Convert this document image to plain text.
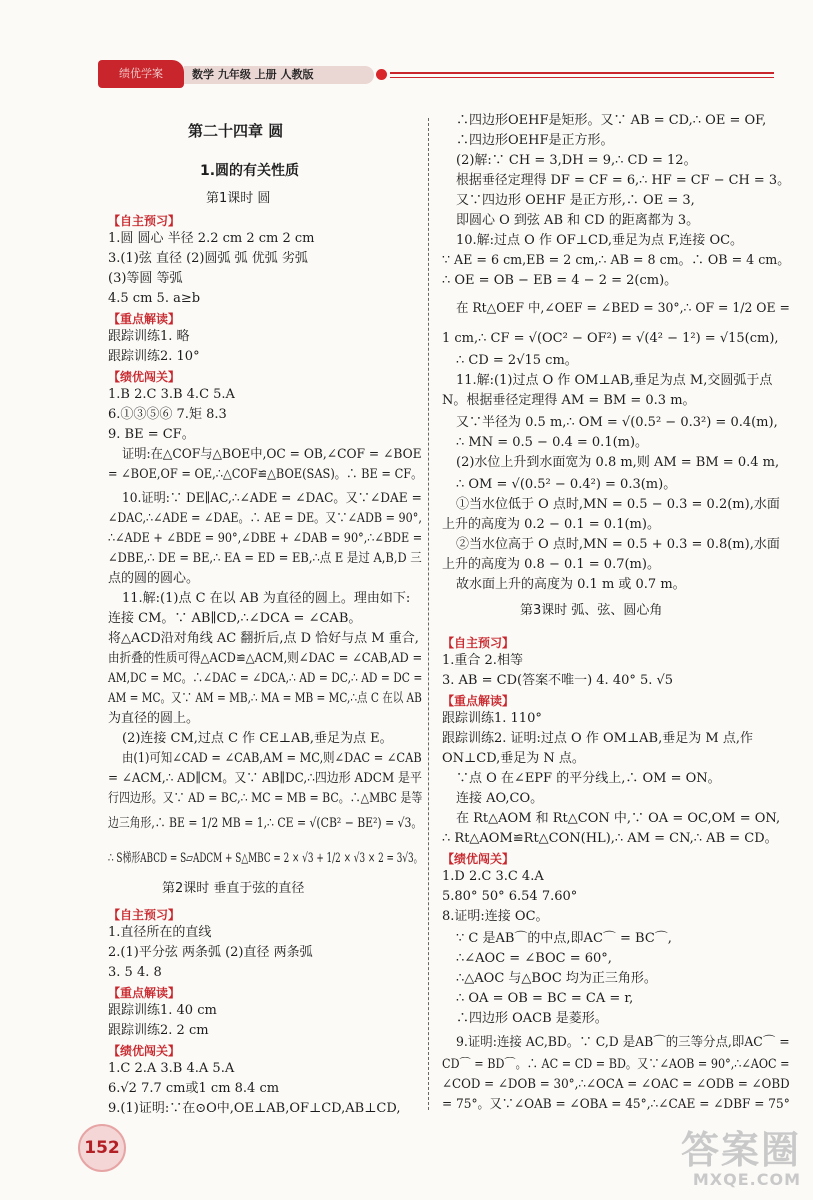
绩优学案	数学 九年级 上册 人教版
第二十四章 圆
1.圆的有关性质
第1课时 圆
【自主预习】
1.圆 圆心 半径 2.2 cm 2 cm 2 cm
3.(1)弦 直径 (2)圆弧 弧 优弧 劣弧
(3)等圆 等弧
4.5 cm 5. a≥b
【重点解读】
跟踪训练1. 略
跟踪训练2. 10°
【绩优闯关】
1.B 2.C 3.B 4.C 5.A
6.①③⑤⑥ 7.矩 8.3
9. BE = CF。
证明:在△COF与△BOE中,OC = OB,∠COF = ∠BOE
= ∠BOE,OF = OE,∴△COF≌△BOE(SAS)。∴ BE = CF。
10.证明:∵ DE∥AC,∴∠ADE = ∠DAC。又∵∠DAE =
∠DAC,∴∠ADE = ∠DAE。∴ AE = DE。又∵∠ADB = 90°,
∴∠ADE + ∠BDE = 90°,∠DBE + ∠DAB = 90°,∴∠BDE =
∠DBE,∴ DE = BE,∴ EA = ED = EB,∴点 E 是过 A,B,D 三
点的圆的圆心。
11.解:(1)点 C 在以 AB 为直径的圆上。理由如下:
连接 CM。∵ AB∥CD,∴∠DCA = ∠CAB。
将△ACD沿对角线 AC 翻折后,点 D 恰好与点 M 重合,
由折叠的性质可得△ACD≌△ACM,则∠DAC = ∠CAB,AD =
AM,DC = MC。∴∠DAC = ∠DCA,∴ AD = DC,∴ AD = DC =
AM = MC。又∵ AM = MB,∴ MA = MB = MC,∴点 C 在以 AB
为直径的圆上。
(2)连接 CM,过点 C 作 CE⊥AB,垂足为点 E。
由(1)可知∠CAD = ∠CAB,AM = MC,则∠DAC = ∠CAB
= ∠ACM,∴ AD∥CM。又∵ AB∥DC,∴四边形 ADCM 是平
行四边形。又∵ AD = BC,∴ MC = MB = BC。∴△MBC 是等
边三角形,∴ BE = 1/2 MB = 1,∴ CE = √(CB² − BE²) = √3。
∴ S梯形ABCD = S▱ADCM + S△MBC = 2 × √3 + 1/2 × √3 × 2 = 3√3。
第2课时 垂直于弦的直径
【自主预习】
1.直径所在的直线
2.(1)平分弦 两条弧 (2)直径 两条弧
3. 5 4. 8
【重点解读】
跟踪训练1. 40 cm
跟踪训练2. 2 cm
【绩优闯关】
1.C 2.A 3.B 4.A 5.A
6.√2 7.7 cm或1 cm 8.4 cm
9.(1)证明:∵在⊙O中,OE⊥AB,OF⊥CD,AB⊥CD,
∴四边形OEHF是矩形。又∵ AB = CD,∴ OE = OF,
∴四边形OEHF是正方形。
(2)解:∵ CH = 3,DH = 9,∴ CD = 12。
根据垂径定理得 DF = CF = 6,∴ HF = CF − CH = 3。
又∵四边形 OEHF 是正方形,∴ OE = 3,
即圆心 O 到弦 AB 和 CD 的距离都为 3。
10.解:过点 O 作 OF⊥CD,垂足为点 F,连接 OC。
∵ AE = 6 cm,EB = 2 cm,∴ AB = 8 cm。∴ OB = 4 cm。
∴ OE = OB − EB = 4 − 2 = 2(cm)。
在 Rt△OEF 中,∠OEF = ∠BED = 30°,∴ OF = 1/2 OE =
1 cm,∴ CF = √(OC² − OF²) = √(4² − 1²) = √15(cm),
∴ CD = 2√15 cm。
11.解:(1)过点 O 作 OM⊥AB,垂足为点 M,交圆弧于点
N。根据垂径定理得 AM = BM = 0.3 m。
又∵半径为 0.5 m,∴ OM = √(0.5² − 0.3²) = 0.4(m),
∴ MN = 0.5 − 0.4 = 0.1(m)。
(2)水位上升到水面宽为 0.8 m,则 AM = BM = 0.4 m,
∴ OM = √(0.5² − 0.4²) = 0.3(m)。
①当水位低于 O 点时,MN = 0.5 − 0.3 = 0.2(m),水面
上升的高度为 0.2 − 0.1 = 0.1(m)。
②当水位高于 O 点时,MN = 0.5 + 0.3 = 0.8(m),水面
上升的高度为 0.8 − 0.1 = 0.7(m)。
故水面上升的高度为 0.1 m 或 0.7 m。
第3课时 弧、弦、圆心角
【自主预习】
1.重合 2.相等
3. AB = CD(答案不唯一) 4. 40° 5. √5
【重点解读】
跟踪训练1. 110°
跟踪训练2. 证明:过点 O 作 OM⊥AB,垂足为 M 点,作
ON⊥CD,垂足为 N 点。
∵点 O 在∠EPF 的平分线上,∴ OM = ON。
连接 AO,CO。
在 Rt△AOM 和 Rt△CON 中,∵ OA = OC,OM = ON,
∴ Rt△AOM≌Rt△CON(HL),∴ AM = CN,∴ AB = CD。
【绩优闯关】
1.D 2.C 3.C 4.A
5.80° 50° 6.54 7.60°
8.证明:连接 OC。
∵ C 是AB⌒的中点,即AC⌒ = BC⌒,
∴∠AOC = ∠BOC = 60°,
∴△AOC 与△BOC 均为正三角形。
∴ OA = OB = BC = CA = r,
∴四边形 OACB 是菱形。
9.证明:连接 AC,BD。∵ C,D 是AB⌒的三等分点,即AC⌒ =
CD⌒ = BD⌒。∴ AC = CD = BD。又∵∠AOB = 90°,∴∠AOC =
∠COD = ∠DOB = 30°,∴∠OCA = ∠OAC = ∠ODB = ∠OBD
= 75°。又∵∠OAB = ∠OBA = 45°,∴∠CAE = ∠DBF = 75°
152	答案圈
MXQE.COM
